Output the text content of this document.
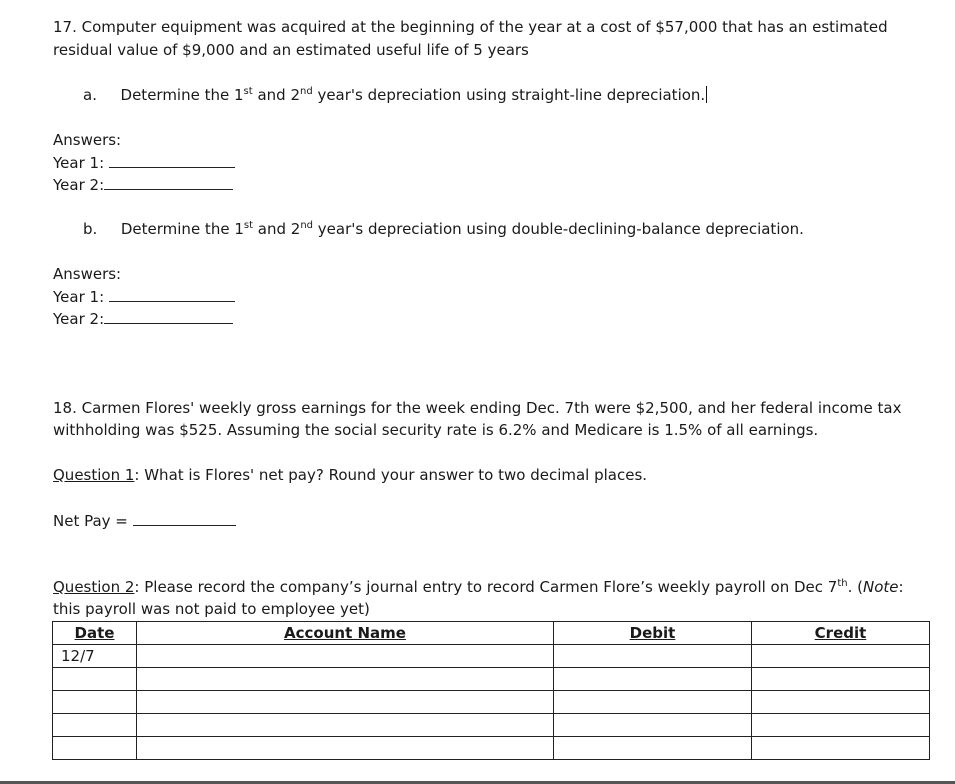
17. Computer equipment was acquired at the beginning of the year at a cost of $57,000 that has an estimated
residual value of $9,000 and an estimated useful life of 5 years
a. Determine the 1st and 2nd year's depreciation using straight-line depreciation.
Answers:
Year 1:
Year 2:
b. Determine the 1st and 2nd year's depreciation using double-declining-balance depreciation.
Answers:
Year 1:
Year 2:
18. Carmen Flores' weekly gross earnings for the week ending Dec. 7th were $2,500, and her federal income tax
withholding was $525. Assuming the social security rate is 6.2% and Medicare is 1.5% of all earnings.
Question 1: What is Flores' net pay? Round your answer to two decimal places.
Net Pay =
Question 2: Please record the company’s journal entry to record Carmen Flore’s weekly payroll on Dec 7th. (Note:
this payroll was not paid to employee yet)
Date	Account Name	Debit	Credit
12/7			
